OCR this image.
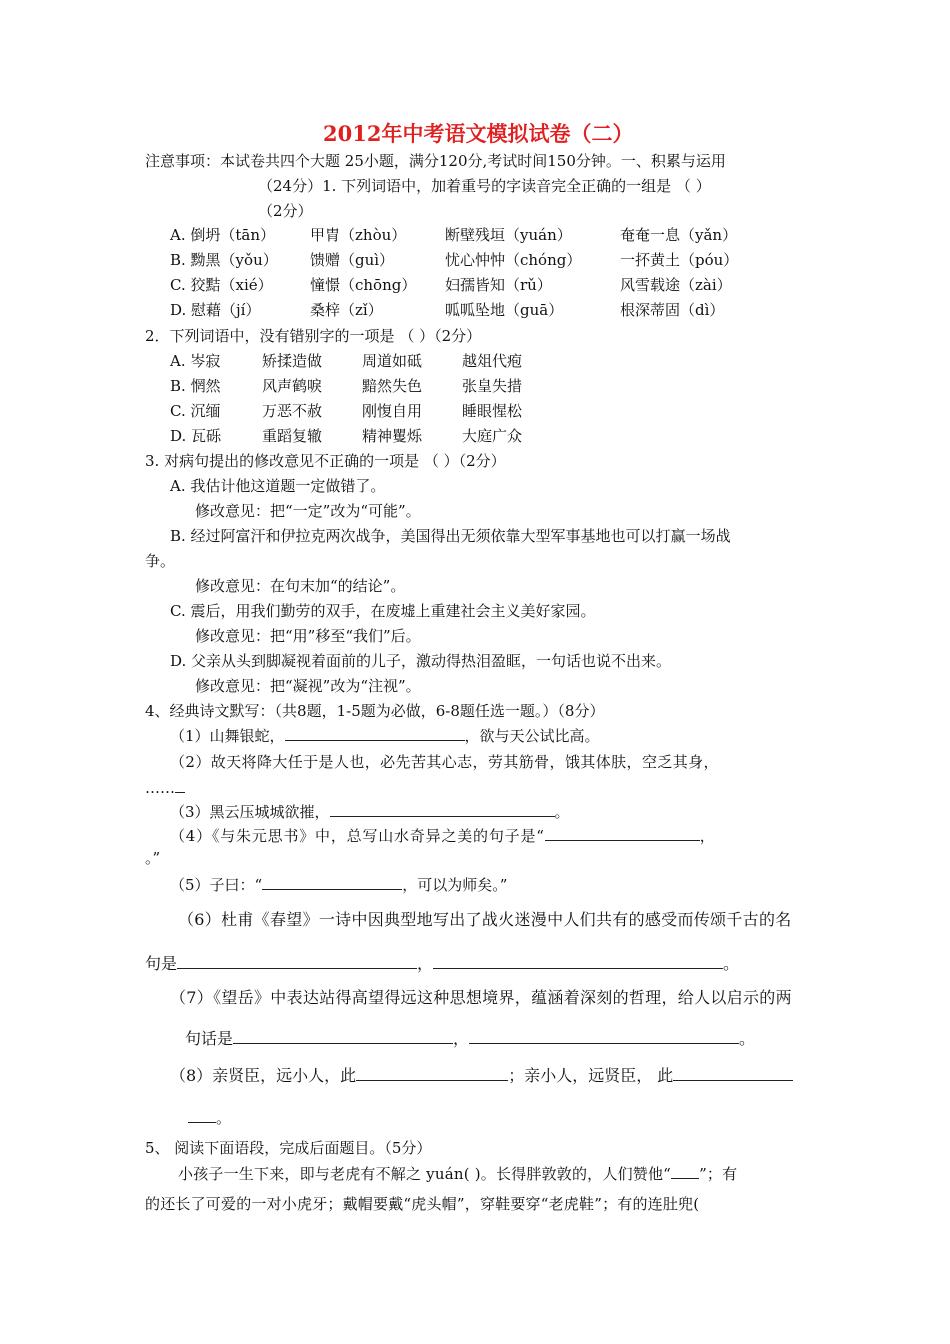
2012年中考语文模拟试卷（二）
注意事项：本试卷共四个大题 25小题，满分120分,考试时间150分钟。一、积累与运用
（24分）1. 下列词语中，加着重号的字读音完全正确的一组是 （ ）
（2分）
A. 倒坍（tān） 甲胄（zhòu）	断壁残垣（yuán）	奄奄一息（yǎn）
B. 黝黑（yǒu） 馈赠（guì）	忧心忡忡（chóng）	一抔黄土（póu）
C. 狡黠（xié） 憧憬（chōng） 妇孺皆知（rǔ）	风雪载途（zài）
D. 慰藉（jí）	桑梓（zǐ）	呱呱坠地（guā）	根深蒂固（dì）
2．下列词语中，没有错别字的一项是 （ ）（2分）
A. 岑寂	矫揉造做	周道如砥	越俎代疱
B. 惘然	风声鹤唳	黯然失色	张皇失措
C. 沉缅	万恶不赦	刚愎自用	睡眼惺松
D. 瓦砾	重蹈复辙	精神矍烁	大庭广众
3. 对病句提出的修改意见不正确的一项是 （ ）（2分）
A. 我估计他这道题一定做错了。
修改意见：把“一定”改为“可能”。
B. 经过阿富汗和伊拉克两次战争，美国得出无须依靠大型军事基地也可以打赢一场战
争。
修改意见：在句末加“的结论”。
C. 震后，用我们勤劳的双手，在废墟上重建社会主义美好家园。
修改意见：把“用”移至“我们”后。
D. 父亲从头到脚凝视着面前的儿子，激动得热泪盈眶，一句话也说不出来。
修改意见：把“凝视”改为“注视”。
4、经典诗文默写：（共8题，1-5题为必做，6-8题任选一题。）（8分）
（1）山舞银蛇，	，欲与天公试比高。
（2）故天将降大任于是人也，必先苦其心志，劳其筋骨，饿其体肤，空乏其身，
……
（3）黑云压城城欲摧，	。
（4）《与朱元思书》中，总写山水奇异之美的句子是“	，
。”
（5）子曰：“	，可以为师矣。”
（6）杜甫《春望》一诗中因典型地写出了战火迷漫中人们共有的感受而传颂千古的名
句是	，	。
（7）《望岳》中表达站得高望得远这种思想境界，蕴涵着深刻的哲理，给人以启示的两
句话是	，	。
（8）亲贤臣，远小人，此	；亲小人，远贤臣， 此
。
5、 阅读下面语段，完成后面题目。（5分）
小孩子一生下来，即与老虎有不解之 yuán( )。长得胖敦敦的，人们赞他“ ”；有
的还长了可爱的一对小虎牙；戴帽要戴“虎头帽”，穿鞋要穿“老虎鞋”；有的连肚兜(
